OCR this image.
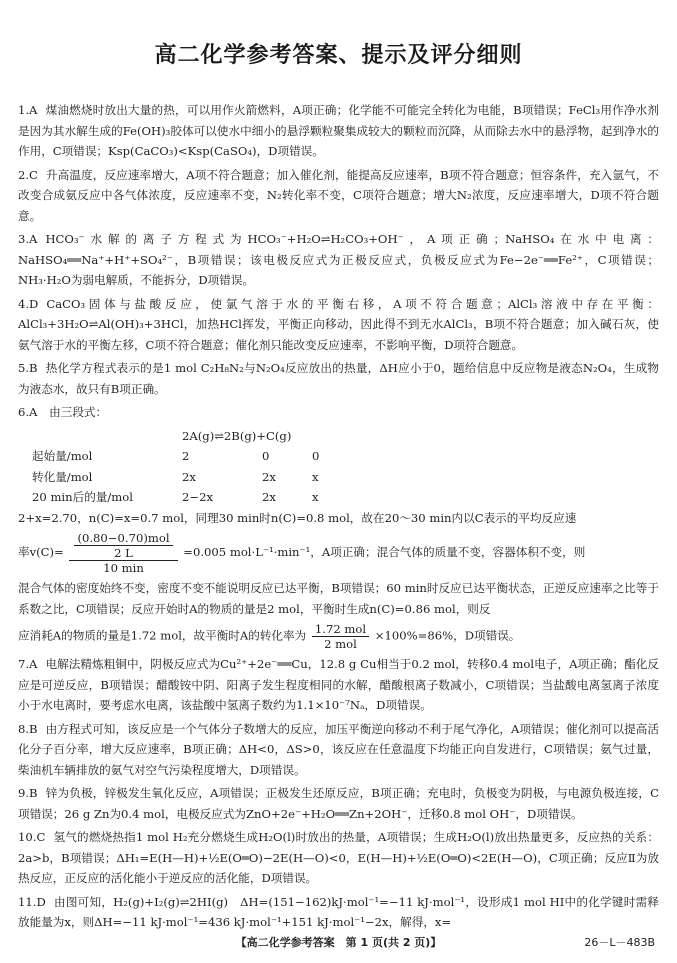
高二化学参考答案、提示及评分细则
1.A 煤油燃烧时放出大量的热，可以用作火箭燃料，A项正确；化学能不可能完全转化为电能，B项错误；FeCl₃用作净水剂是因为其水解生成的Fe(OH)₃胶体可以使水中细小的悬浮颗粒聚集成较大的颗粒而沉降，从而除去水中的悬浮物，起到净水的作用，C项错误；Ksp(CaCO₃)<Ksp(CaSO₄)，D项错误。
2.C 升高温度，反应速率增大，A项不符合题意；加入催化剂，能提高反应速率，B项不符合题意；恒容条件，充入氩气，不改变合成氨反应中各气体浓度，反应速率不变，N₂转化率不变，C项符合题意；增大N₂浓度，反应速率增大，D项不符合题意。
3.A HCO₃⁻水解的离子方程式为HCO₃⁻+H₂O⇌H₂CO₃+OH⁻，A项正确；NaHSO₄在水中电离：NaHSO₄══Na⁺+H⁺+SO₄²⁻，B项错误；该电极反应式为正极反应式，负极反应式为Fe−2e⁻══Fe²⁺，C项错误；NH₃·H₂O为弱电解质，不能拆分，D项错误。
4.D CaCO₃固体与盐酸反应，使氯气溶于水的平衡右移，A项不符合题意；AlCl₃溶液中存在平衡：AlCl₃+3H₂O⇌Al(OH)₃+3HCl，加热HCl挥发，平衡正向移动，因此得不到无水AlCl₃，B项不符合题意；加入碱石灰，使氨气溶于水的平衡左移，C项不符合题意；催化剂只能改变反应速率，不影响平衡，D项符合题意。
5.B 热化学方程式表示的是1 mol C₂H₈N₂与N₂O₄反应放出的热量，ΔH应小于0，题给信息中反应物是液态N₂O₄，生成物为液态水，故只有B项正确。
6.A 由三段式：
2A(g)⇌2B(g)+C(g)
起始量/mol	2	0	0
转化量/mol	2x	2x	x
20 min后的量/mol	2−2x	2x	x
2+x=2.70，n(C)=x=0.7 mol，同理30 min时n(C)=0.8 mol，故在20～30 min内以C表示的平均反应速
率$v(C)= \frac{\frac{\text{(0.80−0.70)mol}}{2 L}}{10 \min} =0.005$ mol·L⁻¹·min⁻¹，A项正确；混合气体的质量不变，容器体积不变，则
混合气体的密度始终不变，密度不变不能说明反应已达平衡，B项错误；60 min时反应已达平衡状态，正逆反应速率之比等于系数之比，C项错误；反应开始时A的物质的量是2 mol，平衡时生成n(C)=0.86 mol，则反
应消耗A的物质的量是1.72 mol，故平衡时A的转化率为 $\frac{\text{1.72 mol}}{\text{2 mol}} \times 100\%=86\%$，D项错误。
7.A 电解法精炼粗铜中，阴极反应式为Cu²⁺+2e⁻══Cu，12.8 g Cu相当于0.2 mol，转移0.4 mol电子，A项正确；酯化反应是可逆反应，B项错误；醋酸铵中阴、阳离子发生程度相同的水解，醋酸根离子数减小，C项错误；当盐酸电离氢离子浓度小于水电离时，要考虑水电离，该盐酸中氢离子数约为1.1×10⁻⁷Nₐ，D项错误。
8.B 由方程式可知，该反应是一个气体分子数增大的反应，加压平衡逆向移动不利于尾气净化，A项错误；催化剂可以提高活化分子百分率，增大反应速率，B项正确；ΔH<0，ΔS>0，该反应在任意温度下均能正向自发进行，C项错误；氨气过量，柴油机车辆排放的氨气对空气污染程度增大，D项错误。
9.B 锌为负极，锌极发生氧化反应，A项错误；正极发生还原反应，B项正确；充电时，负极变为阴极，与电源负极连接，C项错误；26 g Zn为0.4 mol，电极反应式为ZnO+2e⁻+H₂O══Zn+2OH⁻，迁移0.8 mol OH⁻，D项错误。
10.C 氢气的燃烧热指1 mol H₂充分燃烧生成H₂O(l)时放出的热量，A项错误；生成H₂O(l)放出热量更多，反应热的关系：2a>b，B项错误；ΔH₁=E(H—H)+½E(O═O)−2E(H—O)<0，E(H—H)+½E(O═O)<2E(H—O)，C项正确；反应Ⅱ为放热反应，正反应的活化能小于逆反应的活化能，D项错误。
11.D 由图可知，H₂(g)+I₂(g)⇌2HI(g)　ΔH=(151−162)kJ·mol⁻¹=−11 kJ·mol⁻¹，设形成1 mol HI中的化学键时需释放能量为x，则ΔH=−11 kJ·mol⁻¹=436 kJ·mol⁻¹+151 kJ·mol⁻¹−2x，解得，x=
【高二化学参考答案　第 1 页(共 2 页)】	26－L－483B
